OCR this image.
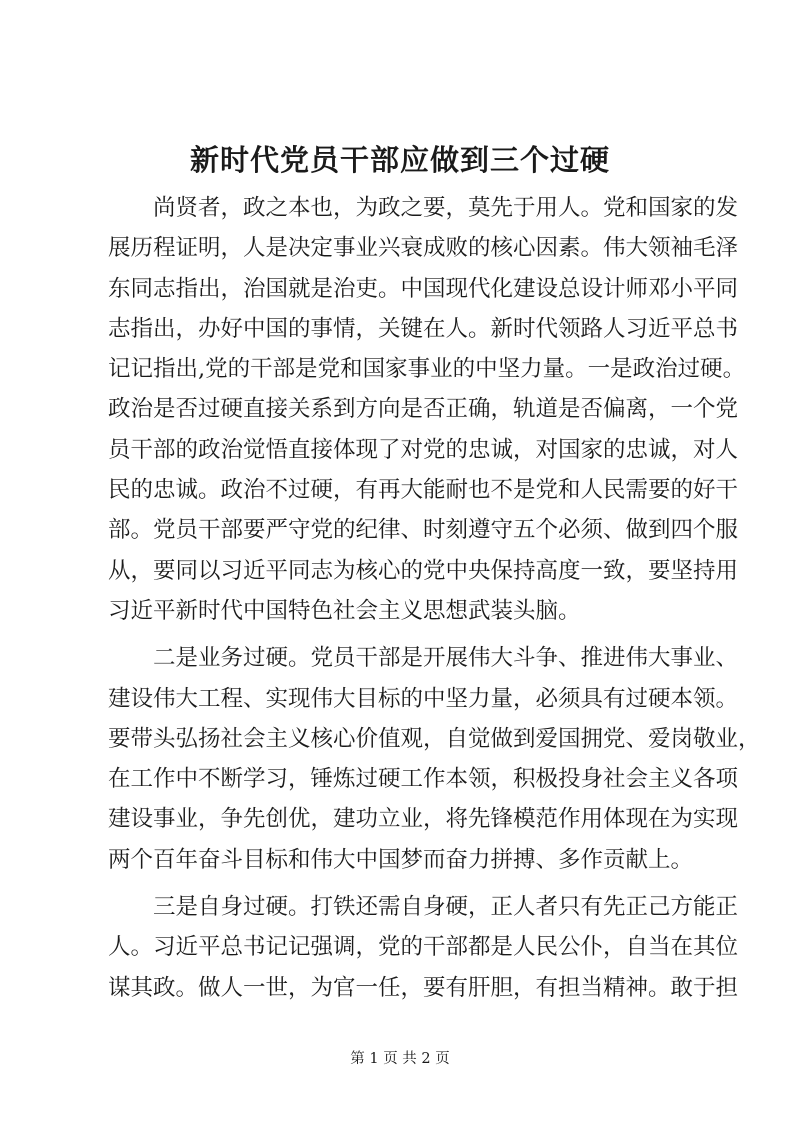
新时代党员干部应做到三个过硬
尚贤者，政之本也，为政之要，莫先于用人。党和国家的发
展历程证明，人是决定事业兴衰成败的核心因素。伟大领袖毛泽
东同志指出，治国就是治吏。中国现代化建设总设计师邓小平同
志指出，办好中国的事情，关键在人。新时代领路人习近平总书
记记指出,党的干部是党和国家事业的中坚力量。一是政治过硬。
政治是否过硬直接关系到方向是否正确，轨道是否偏离，一个党
员干部的政治觉悟直接体现了对党的忠诚，对国家的忠诚，对人
民的忠诚。政治不过硬，有再大能耐也不是党和人民需要的好干
部。党员干部要严守党的纪律、时刻遵守五个必须、做到四个服
从，要同以习近平同志为核心的党中央保持高度一致，要坚持用
习近平新时代中国特色社会主义思想武装头脑。
二是业务过硬。党员干部是开展伟大斗争、推进伟大事业、
建设伟大工程、实现伟大目标的中坚力量，必须具有过硬本领。
要带头弘扬社会主义核心价值观，自觉做到爱国拥党、爱岗敬业，
在工作中不断学习，锤炼过硬工作本领，积极投身社会主义各项
建设事业，争先创优，建功立业，将先锋模范作用体现在为实现
两个百年奋斗目标和伟大中国梦而奋力拼搏、多作贡献上。
三是自身过硬。打铁还需自身硬，正人者只有先正己方能正
人。习近平总书记记强调，党的干部都是人民公仆，自当在其位
谋其政。做人一世，为官一任，要有肝胆，有担当精神。敢于担
第 1 页 共 2 页
